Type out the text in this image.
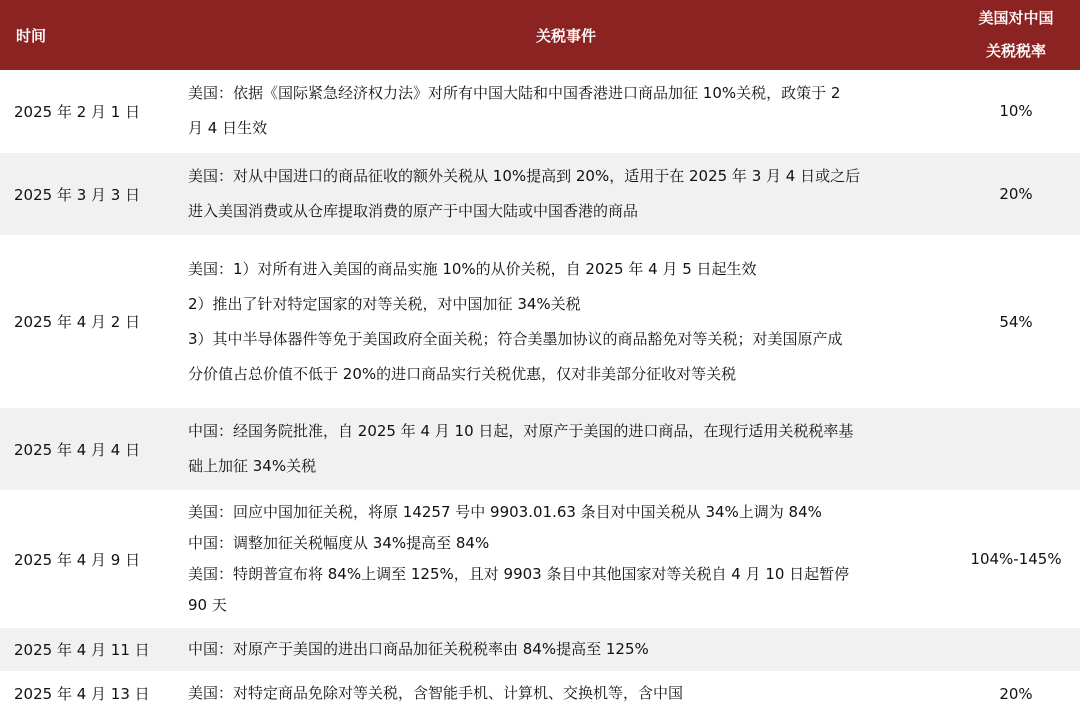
时间	关税事件	美国对中国
关税税率

2025 年 2 月 1 日	美国：依据《国际紧急经济权力法》对所有中国大陆和中国香港进口商品加征 10%关税，政策于 2
月 4 日生效	10%
2025 年 3 月 3 日	美国：对从中国进口的商品征收的额外关税从 10%提高到 20%，适用于在 2025 年 3 月 4 日或之后
进入美国消费或从仓库提取消费的原产于中国大陆或中国香港的商品	20%
2025 年 4 月 2 日	美国：1）对所有进入美国的商品实施 10%的从价关税，自 2025 年 4 月 5 日起生效
2）推出了针对特定国家的对等关税，对中国加征 34%关税
3）其中半导体器件等免于美国政府全面关税；符合美墨加协议的商品豁免对等关税；对美国原产成
分价值占总价值不低于 20%的进口商品实行关税优惠，仅对非美部分征收对等关税	54%
2025 年 4 月 4 日	中国：经国务院批准，自 2025 年 4 月 10 日起，对原产于美国的进口商品，在现行适用关税税率基
础上加征 34%关税	

2025 年 4 月 9 日	美国：回应中国加征关税，将原 14257 号中 9903.01.63 条目对中国关税从 34%上调为 84%
中国：调整加征关税幅度从 34%提高至 84%
美国：特朗普宣布将 84%上调至 125%，且对 9903 条目中其他国家对等关税自 4 月 10 日起暂停
90 天	104%-145%
2025 年 4 月 11 日	中国：对原产于美国的进出口商品加征关税税率由 84%提高至 125%	

2025 年 4 月 13 日	美国：对特定商品免除对等关税，含智能手机、计算机、交换机等，含中国	20%
